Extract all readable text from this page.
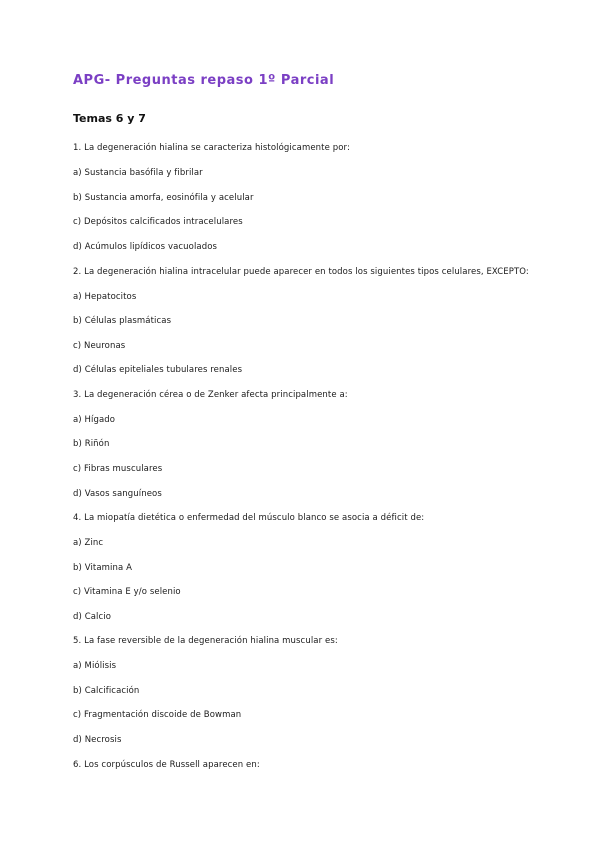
APG- Preguntas repaso 1º Parcial
Temas 6 y 7
1. La degeneración hialina se caracteriza histológicamente por:
a) Sustancia basófila y fibrilar
b) Sustancia amorfa, eosinófila y acelular
c) Depósitos calcificados intracelulares
d) Acúmulos lipídicos vacuolados
2. La degeneración hialina intracelular puede aparecer en todos los siguientes tipos celulares, EXCEPTO:
a) Hepatocitos
b) Células plasmáticas
c) Neuronas
d) Células epiteliales tubulares renales
3. La degeneración cérea o de Zenker afecta principalmente a:
a) Hígado
b) Riñón
c) Fibras musculares
d) Vasos sanguíneos
4. La miopatía dietética o enfermedad del músculo blanco se asocia a déficit de:
a) Zinc
b) Vitamina A
c) Vitamina E y/o selenio
d) Calcio
5. La fase reversible de la degeneración hialina muscular es:
a) Miólisis
b) Calcificación
c) Fragmentación discoide de Bowman
d) Necrosis
6. Los corpúsculos de Russell aparecen en:
